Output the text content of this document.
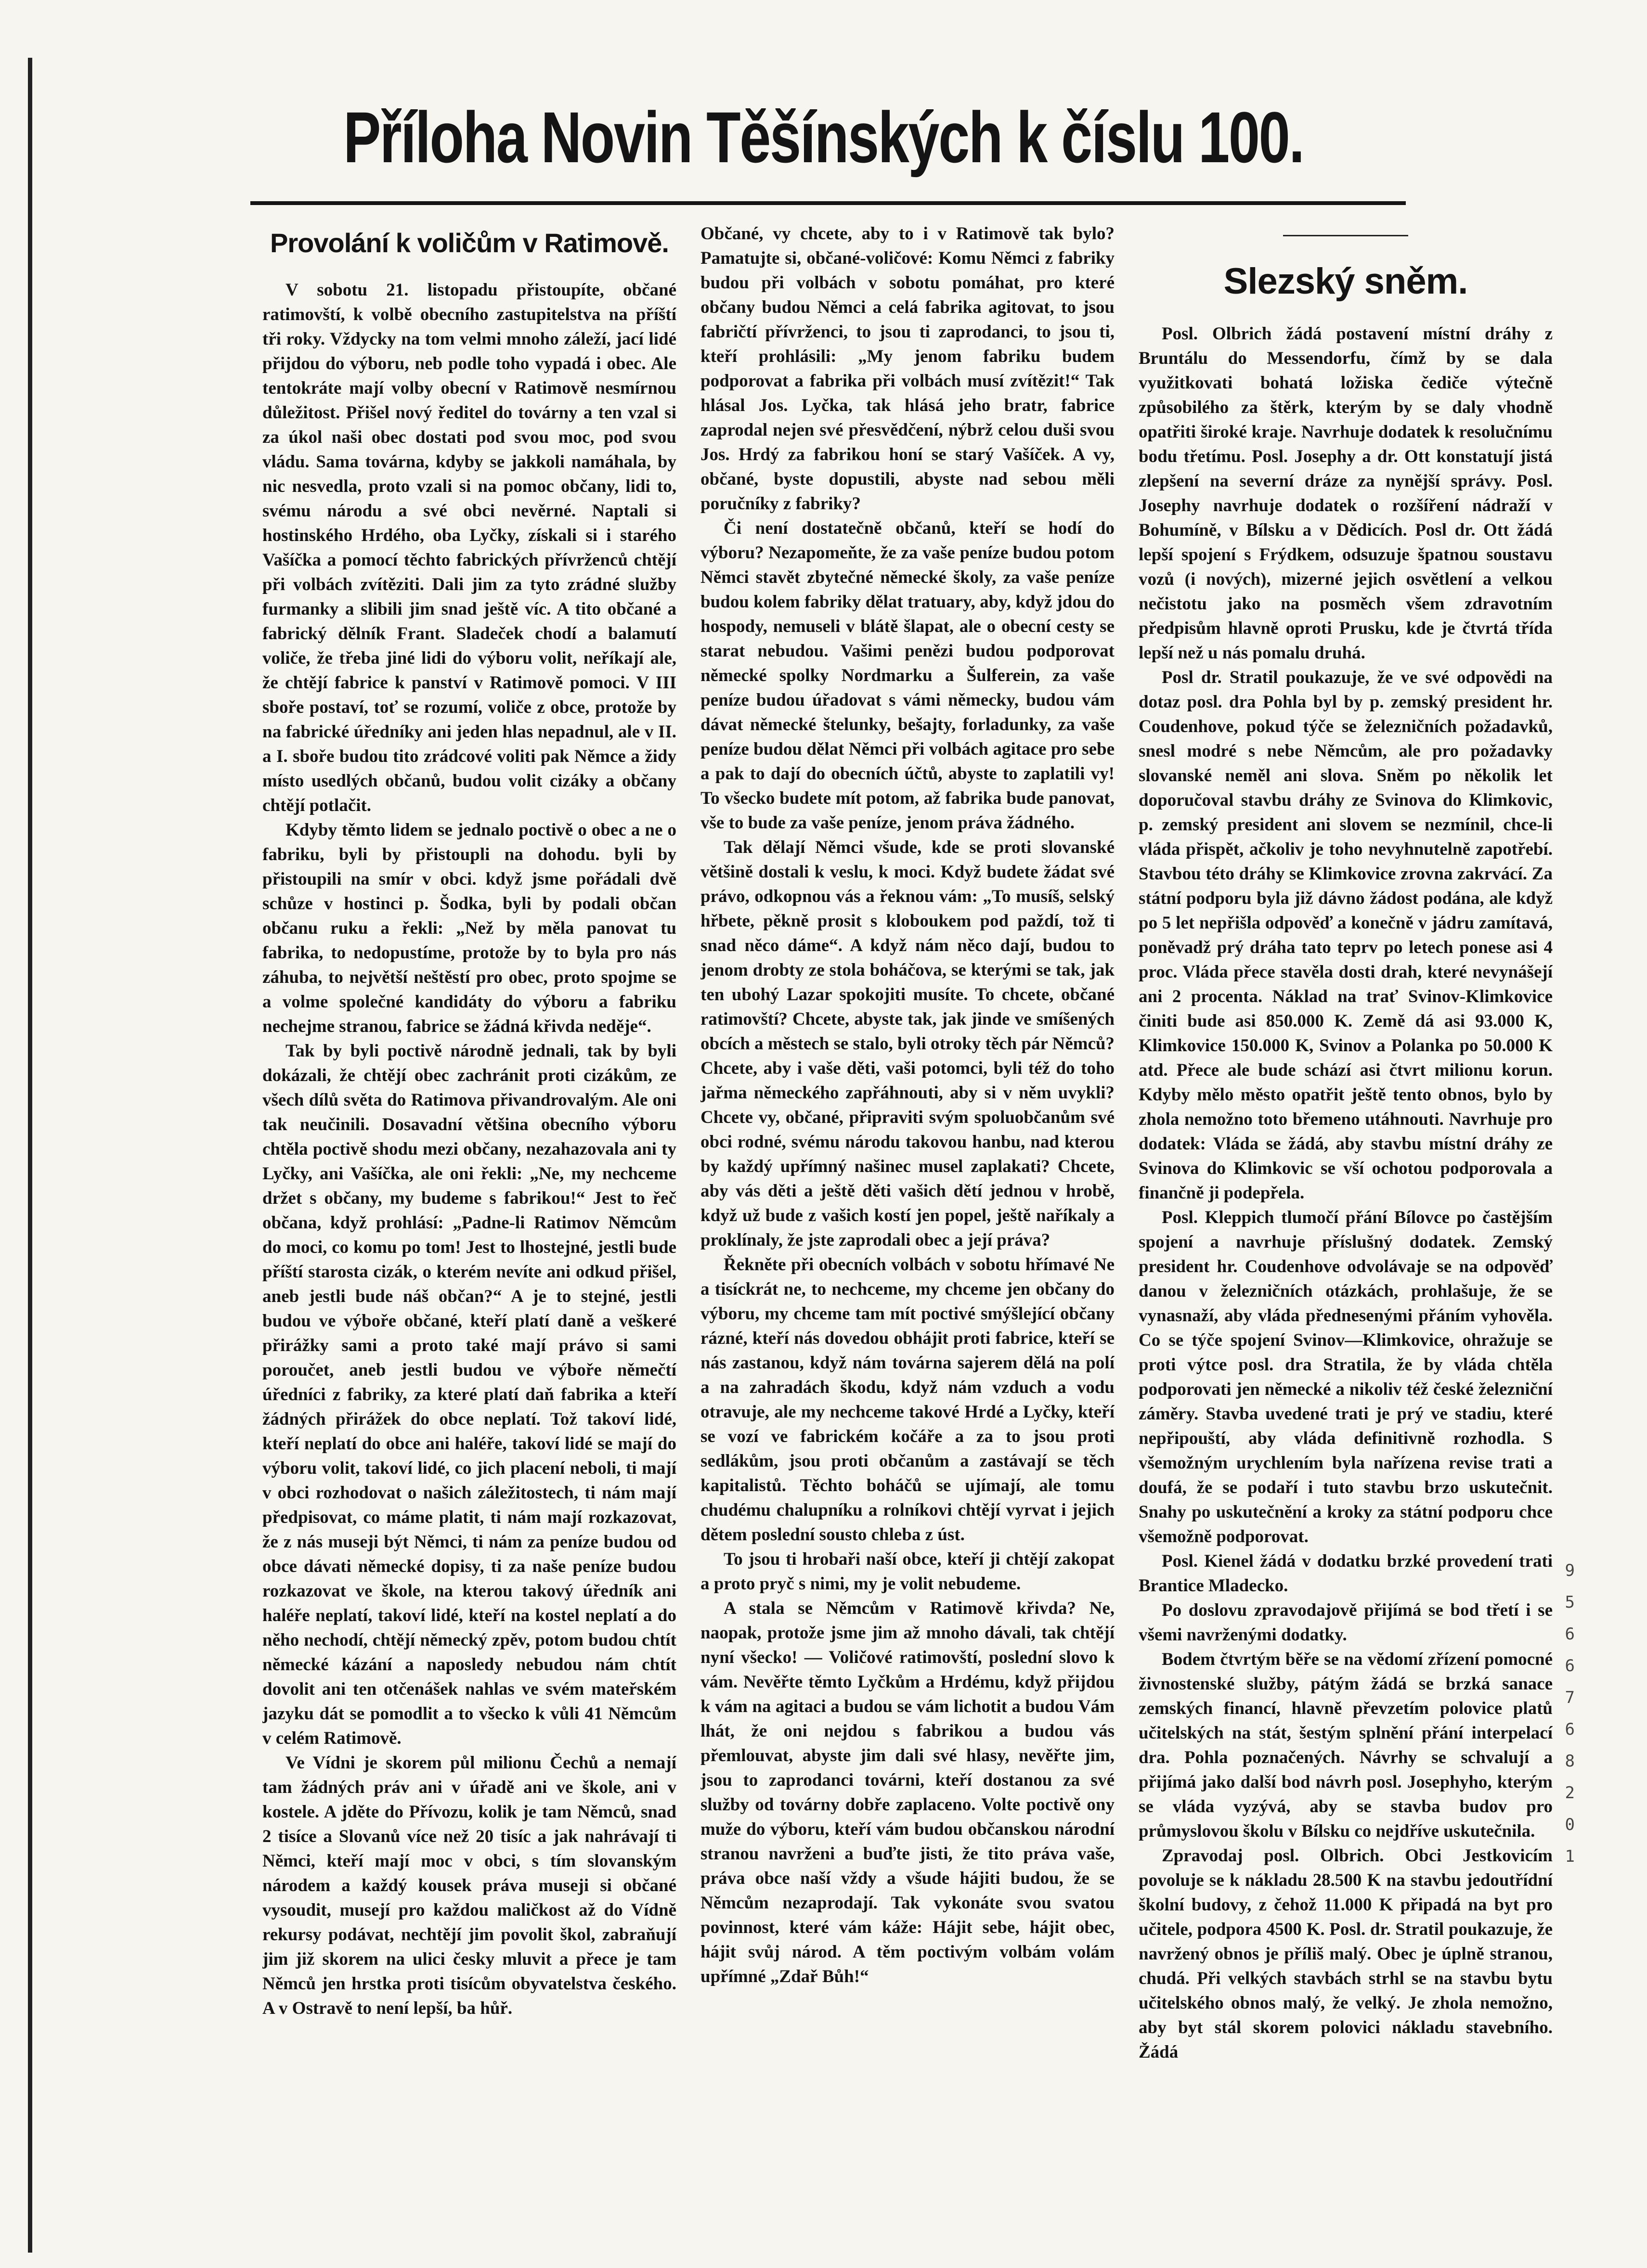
Příloha Novin Těšínských k číslu 100.
Provolání k voličům v Ratimově.

V sobotu 21. listopadu přistoupíte, občané ratimovští, k volbě obecního zastupitelstva na příští tři roky. Vždycky na tom velmi mnoho záleží, jací lidé přijdou do výboru, neb podle toho vypadá i obec. Ale tentokráte mají volby obecní v Ratimově nesmírnou důležitost. Přišel nový ředitel do továrny a ten vzal si za úkol naši obec dostati pod svou moc, pod svou vládu. Sama továrna, kdyby se jakkoli namáhala, by nic nesvedla, proto vzali si na pomoc občany, lidi to, svému národu a své obci nevěrné. Naptali si hostinského Hrdého, oba Lyčky, získali si i starého Vašíčka a pomocí těchto fabrických přívrženců chtějí při volbách zvítěziti. Dali jim za tyto zrádné služby furmanky a slibili jim snad ještě víc. A tito občané a fabrický dělník Frant. Sladeček chodí a balamutí voliče, že třeba jiné lidi do výboru volit, neříkají ale, že chtějí fabrice k panství v Ratimově pomoci. V III sboře postaví, toť se rozumí, voliče z obce, protože by na fabrické úředníky ani jeden hlas nepadnul, ale v II. a I. sboře budou tito zrádcové voliti pak Němce a židy místo usedlých občanů, budou volit cizáky a občany chtějí potlačit.

Kdyby těmto lidem se jednalo poctivě o obec a ne o fabriku, byli by přistoupli na dohodu. byli by přistoupili na smír v obci. když jsme pořádali dvě schůze v hostinci p. Šodka, byli by podali občan občanu ruku a řekli: „Než by měla panovat tu fabrika, to nedopustíme, protože by to byla pro nás záhuba, to největší neštěstí pro obec, proto spojme se a volme společné kandidáty do výboru a fabriku nechejme stranou, fabrice se žádná křivda neděje“.

Tak by byli poctivě národně jednali, tak by byli dokázali, že chtějí obec zachránit proti cizákům, ze všech dílů světa do Ratimova přivandrovalým. Ale oni tak neučinili. Dosavadní většina obecního výboru chtěla poctivě shodu mezi občany, nezahazovala ani ty Lyčky, ani Vašíčka, ale oni řekli: „Ne, my nechceme držet s občany, my budeme s fabrikou!“ Jest to řeč občana, když prohlásí: „Padne-li Ratimov Němcům do moci, co komu po tom! Jest to lhostejné, jestli bude příští starosta cizák, o kterém nevíte ani odkud přišel, aneb jestli bude náš občan?“ A je to stejné, jestli budou ve výboře občané, kteří platí daně a veškeré přirážky sami a proto také mají právo si sami poroučet, aneb jestli budou ve výboře němečtí úředníci z fabriky, za které platí daň fabrika a kteří žádných přirážek do obce neplatí. Tož takoví lidé, kteří neplatí do obce ani haléře, takoví lidé se mají do výboru volit, takoví lidé, co jich placení neboli, ti mají v obci rozhodovat o našich záležitostech, ti nám mají předpisovat, co máme platit, ti nám mají rozkazovat, že z nás museji být Němci, ti nám za peníze budou od obce dávati německé dopisy, ti za naše peníze budou rozkazovat ve škole, na kterou takový úředník ani haléře neplatí, takoví lidé, kteří na kostel neplatí a do něho nechodí, chtějí německý zpěv, potom budou chtít německé kázání a naposledy nebudou nám chtít dovolit ani ten otčenášek nahlas ve svém mateřském jazyku dát se pomodlit a to všecko k vůli 41 Němcům v celém Ratimově.

Ve Vídni je skorem půl milionu Čechů a nemají tam žádných práv ani v úřadě ani ve škole, ani v kostele. A jděte do Přívozu, kolik je tam Němců, snad 2 tisíce a Slovanů více než 20 tisíc a jak nahrávají ti Němci, kteří mají moc v obci, s tím slovanským národem a každý kousek práva museji si občané vysoudit, musejí pro každou maličkost až do Vídně rekursy podávat, nechtějí jim povolit škol, zabraňují jim již skorem na ulici česky mluvit a přece je tam Němců jen hrstka proti tisícům obyvatelstva českého. A v Ostravě to není lepší, ba hůř.

Občané, vy chcete, aby to i v Ratimově tak bylo? Pamatujte si, občané-voličové: Komu Němci z fabriky budou při volbách v sobotu pomáhat, pro které občany budou Němci a celá fabrika agitovat, to jsou fabričtí přívrženci, to jsou ti zaprodanci, to jsou ti, kteří prohlásili: „My jenom fabriku budem podporovat a fabrika při volbách musí zvítězit!“ Tak hlásal Jos. Lyčka, tak hlásá jeho bratr, fabrice zaprodal nejen své přesvědčení, nýbrž celou duši svou Jos. Hrdý za fabrikou honí se starý Vašíček. A vy, občané, byste dopustili, abyste nad sebou měli poručníky z fabriky?

Či není dostatečně občanů, kteří se hodí do výboru? Nezapomeňte, že za vaše peníze budou potom Němci stavět zbytečné německé školy, za vaše peníze budou kolem fabriky dělat tratuary, aby, když jdou do hospody, nemuseli v blátě šlapat, ale o obecní cesty se starat nebudou. Vašimi penězi budou podporovat německé spolky Nordmarku a Šulferein, za vaše peníze budou úřadovat s vámi německy, budou vám dávat německé štelunky, bešajty, forladunky, za vaše peníze budou dělat Němci při volbách agitace pro sebe a pak to dají do obecních účtů, abyste to zaplatili vy! To všecko budete mít potom, až fabrika bude panovat, vše to bude za vaše peníze, jenom práva žádného.

Tak dělají Němci všude, kde se proti slovanské většině dostali k veslu, k moci. Když budete žádat své právo, odkopnou vás a řeknou vám: „To musíš, selský hřbete, pěkně prosit s kloboukem pod paždí, tož ti snad něco dáme“. A když nám něco dají, budou to jenom drobty ze stola boháčova, se kterými se tak, jak ten ubohý Lazar spokojiti musíte. To chcete, občané ratimovští? Chcete, abyste tak, jak jinde ve smíšených obcích a městech se stalo, byli otroky těch pár Němců? Chcete, aby i vaše děti, vaši potomci, byli též do toho jařma německého zapřáhnouti, aby si v něm uvykli? Chcete vy, občané, připraviti svým spoluobčanům své obci rodné, svému národu takovou hanbu, nad kterou by každý upřímný našinec musel zaplakati? Chcete, aby vás děti a ještě děti vašich dětí jednou v hrobě, když už bude z vašich kostí jen popel, ještě naříkaly a proklínaly, že jste zaprodali obec a její práva?

Řekněte při obecních volbách v sobotu hřímavé Ne a tisíckrát ne, to nechceme, my chceme jen občany do výboru, my chceme tam mít poctivé smýšlející občany rázné, kteří nás dovedou obhájit proti fabrice, kteří se nás zastanou, když nám továrna sajerem dělá na polí a na zahradách škodu, když nám vzduch a vodu otravuje, ale my nechceme takové Hrdé a Lyčky, kteří se vozí ve fabrickém kočáře a za to jsou proti sedlákům, jsou proti občanům a zastávají se těch kapitalistů. Těchto boháčů se ujímají, ale tomu chudému chalupníku a rolníkovi chtějí vyrvat i jejich dětem poslední sousto chleba z úst.

To jsou ti hrobaři naší obce, kteří ji chtějí zakopat a proto pryč s nimi, my je volit nebudeme.

A stala se Němcům v Ratimově křivda? Ne, naopak, protože jsme jim až mnoho dávali, tak chtějí nyní všecko! — Voličové ratimovští, poslední slovo k vám. Nevěřte těmto Lyčkům a Hrdému, když přijdou k vám na agitaci a budou se vám lichotit a budou Vám lhát, že oni nejdou s fabrikou a budou vás přemlouvat, abyste jim dali své hlasy, nevěřte jim, jsou to zaprodanci továrni, kteří dostanou za své služby od továrny dobře zaplaceno. Volte poctivě ony muže do výboru, kteří vám budou občanskou národní stranou navrženi a buďte jisti, že tito práva vaše, práva obce naší vždy a všude hájiti budou, že se Němcům nezaprodají. Tak vykonáte svou svatou povinnost, které vám káže: Hájit sebe, hájit obec, hájit svůj národ. A těm poctivým volbám volám upřímné „Zdař Bůh!“

Slezský sněm.

Posl. Olbrich žádá postavení místní dráhy z Bruntálu do Messendorfu, čímž by se dala využitkovati bohatá ložiska čediče výtečně způsobilého za štěrk, kterým by se daly vhodně opatřiti široké kraje. Navrhuje dodatek k resolučnímu bodu třetímu. Posl. Josephy a dr. Ott konstatují jistá zlepšení na severní dráze za nynější správy. Posl. Josephy navrhuje dodatek o rozšíření nádraží v Bohumíně, v Bílsku a v Dědicích. Posl dr. Ott žádá lepší spojení s Frýdkem, odsuzuje špatnou soustavu vozů (i nových), mizerné jejich osvětlení a velkou nečistotu jako na posměch všem zdravotním předpisům hlavně oproti Prusku, kde je čtvrtá třída lepší než u nás pomalu druhá.

Posl dr. Stratil poukazuje, že ve své odpovědi na dotaz posl. dra Pohla byl by p. zemský president hr. Coudenhove, pokud týče se železničních požadavků, snesl modré s nebe Němcům, ale pro požadavky slovanské neměl ani slova. Sněm po několik let doporučoval stavbu dráhy ze Svinova do Klimkovic, p. zemský president ani slovem se nezmínil, chce-li vláda přispět, ačkoliv je toho nevyhnutelně zapotřebí. Stavbou této dráhy se Klimkovice zrovna zakrvácí. Za státní podporu byla již dávno žádost podána, ale když po 5 let nepřišla odpověď a konečně v jádru zamítavá, poněvadž prý dráha tato teprv po letech ponese asi 4 proc. Vláda přece stavěla dosti drah, které nevynášejí ani 2 procenta. Náklad na trať Svinov-Klimkovice činiti bude asi 850.000 K. Země dá asi 93.000 K, Klimkovice 150.000 K, Svinov a Polanka po 50.000 K atd. Přece ale bude schází asi čtvrt milionu korun. Kdyby mělo město opatřit ještě tento obnos, bylo by zhola nemožno toto břemeno utáhnouti. Navrhuje pro dodatek: Vláda se žádá, aby stavbu místní dráhy ze Svinova do Klimkovic se vší ochotou podporovala a finančně ji podepřela.

Posl. Kleppich tlumočí přání Bílovce po častějším spojení a navrhuje příslušný dodatek. Zemský president hr. Coudenhove odvolávaje se na odpověď danou v železničních otázkách, prohlašuje, že se vynasnaží, aby vláda přednesenými přáním vyhověla. Co se týče spojení Svinov—Klimkovice, ohražuje se proti výtce posl. dra Stratila, že by vláda chtěla podporovati jen německé a nikoliv též české železniční záměry. Stavba uvedené trati je prý ve stadiu, které nepřipouští, aby vláda definitivně rozhodla. S všemožným urychlením byla nařízena revise trati a doufá, že se podaří i tuto stavbu brzo uskutečnit. Snahy po uskutečnění a kroky za státní podporu chce všemožně podporovat.

Posl. Kienel žádá v dodatku brzké provedení trati Brantice Mladecko.

Po doslovu zpravodajově přijímá se bod třetí i se všemi navrženými dodatky.

Bodem čtvrtým běře se na vědomí zřízení pomocné živnostenské služby, pátým žádá se brzká sanace zemských financí, hlavně převzetím polovice platů učitelských na stát, šestým splnění přání interpelací dra. Pohla poznačených. Návrhy se schvalují a přijímá jako další bod návrh posl. Josephyho, kterým se vláda vyzývá, aby se stavba budov pro průmyslovou školu v Bílsku co nejdříve uskutečnila.

Zpravodaj posl. Olbrich. Obci Jestkovicím povoluje se k nákladu 28.500 K na stavbu jedoutřídní školní budovy, z čehož 11.000 K připadá na byt pro učitele, podpora 4500 K. Posl. dr. Stratil poukazuje, že navržený obnos je příliš malý. Obec je úplně stranou, chudá. Při velkých stavbách strhl se na stavbu bytu učitelského obnos malý, že velký. Je zhola nemožno, aby byt stál skorem polovici nákladu stavebního. Žádá

9
5
6
6
7
6
8
2
0
1
